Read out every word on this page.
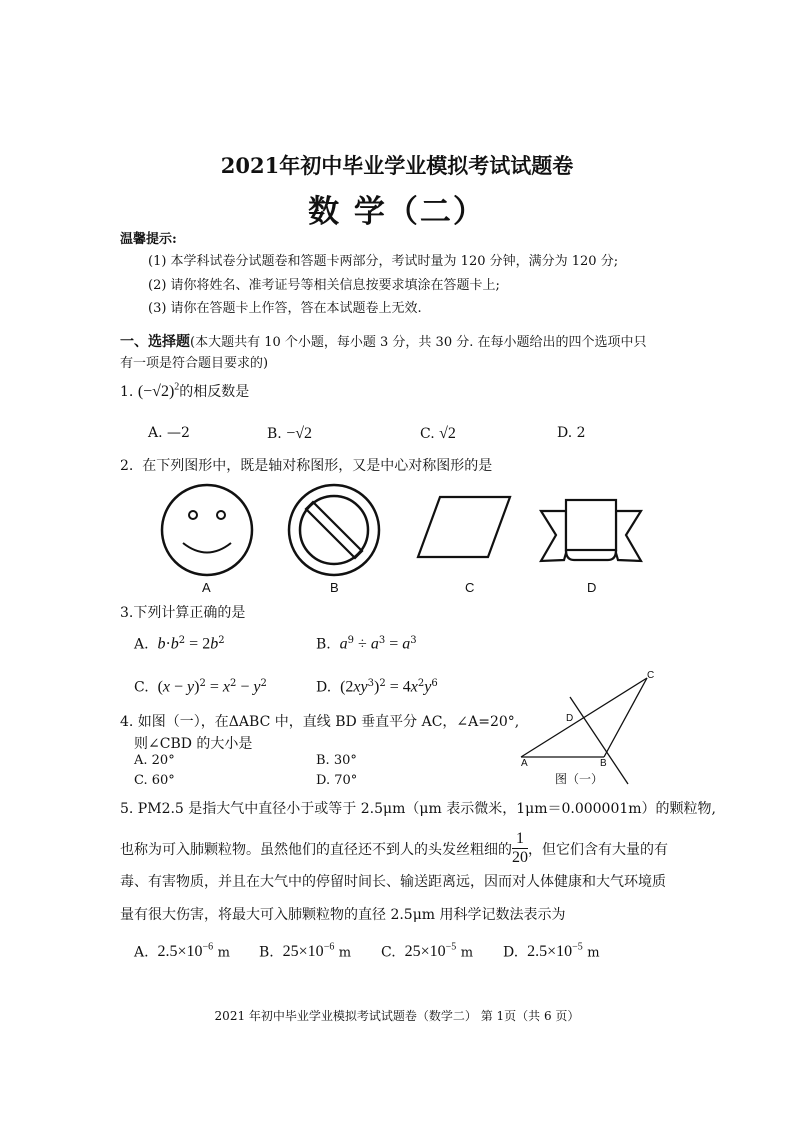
2021年初中毕业学业模拟考试试题卷
数 学（二）
温馨提示:
(1) 本学科试卷分试题卷和答题卡两部分，考试时量为 120 分钟，满分为 120 分;
(2) 请你将姓名、准考证号等相关信息按要求填涂在答题卡上;
(3) 请你在答题卡上作答，答在本试题卷上无效.
一、选择题(本大题共有 10 个小题，每小题 3 分，共 30 分. 在每小题给出的四个选项中只
有一项是符合题目要求的)
1. $(-√2)^2$的相反数是
A. —2	B. −√2	C. √2	D. 2
2. 在下列图形中，既是轴对称图形，又是中心对称图形的是
A	B	C	D
3.下列计算正确的是
A. $b\cdot b^2 = 2b^2$	B. $a^9 \div a^3 = a^3$
C. $(x - y)^2 = x^2 - y^2$	D. $(2xy^3)^2 = 4x^2y^6$
4. 如图（一），在ΔABC 中，直线 BD 垂直平分 AC，∠A=20°,
则∠CBD 的大小是
A. 20°	B. 30°
C. 60°	D. 70°
C
D
A	B
图（一）
5. PM2.5 是指大气中直径小于或等于 2.5μm（μm 表示微米，1μm＝0.000001m）的颗粒物,
也称为可入肺颗粒物。虽然他们的直径还不到人的头发丝粗细的 $\frac{1}{20}$ ，但它们含有大量的有
毒、有害物质，并且在大气中的停留时间长、输送距离远，因而对人体健康和大气环境质
量有很大伤害，将最大可入肺颗粒物的直径 2.5μm 用科学记数法表示为
A. $2.5\times 10^{-6}$ m B. $25\times 10^{-6}$ m C. $25\times 10^{-5}$ m D. $2.5\times 10^{-5}$ m
2021 年初中毕业学业模拟考试试题卷（数学二） 第 1页（共 6 页）
